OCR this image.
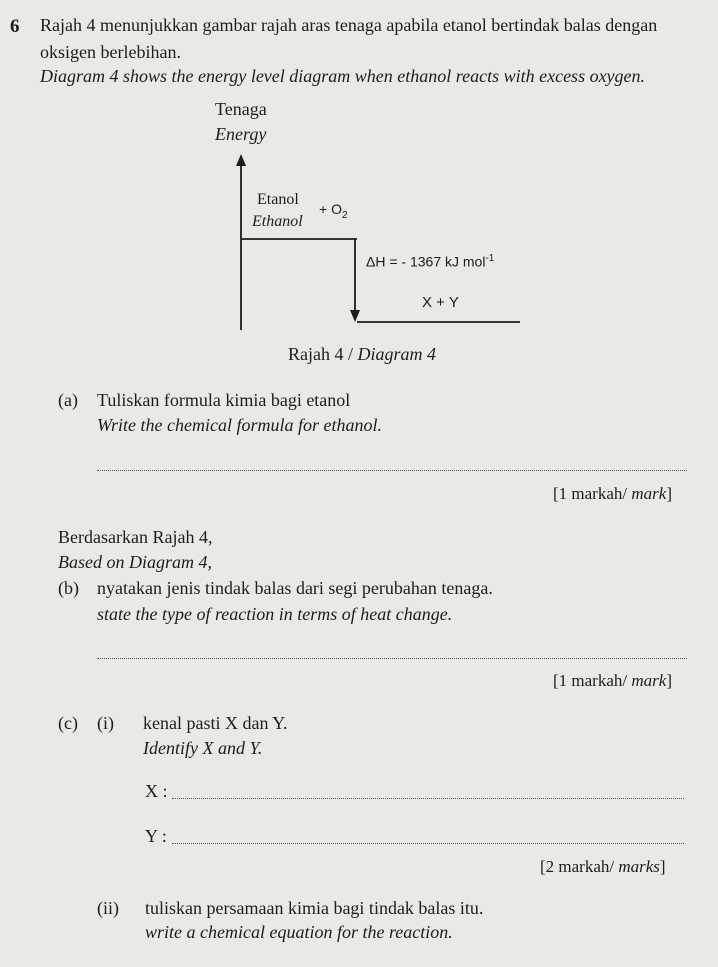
6 Rajah 4 menunjukkan gambar rajah aras tenaga apabila etanol bertindak balas dengan
oksigen berlebihan.
Diagram 4 shows the energy level diagram when ethanol reacts with excess oxygen.
Tenaga
Energy
Etanol
Ethanol
+ $O_2$
ΔH = - 1367 kJ mol$^{-1}$
X + Y
Rajah 4 / Diagram 4
(a) Tuliskan formula kimia bagi etanol
Write the chemical formula for ethanol.
[1 markah/ mark]
Berdasarkan Rajah 4,
Based on Diagram 4,
(b) nyatakan jenis tindak balas dari segi perubahan tenaga.
state the type of reaction in terms of heat change.
[1 markah/ mark]
(c) (i) kenal pasti X dan Y.
Identify X and Y.
X :
Y :
[2 markah/ marks]
(ii) tuliskan persamaan kimia bagi tindak balas itu.
write a chemical equation for the reaction.
